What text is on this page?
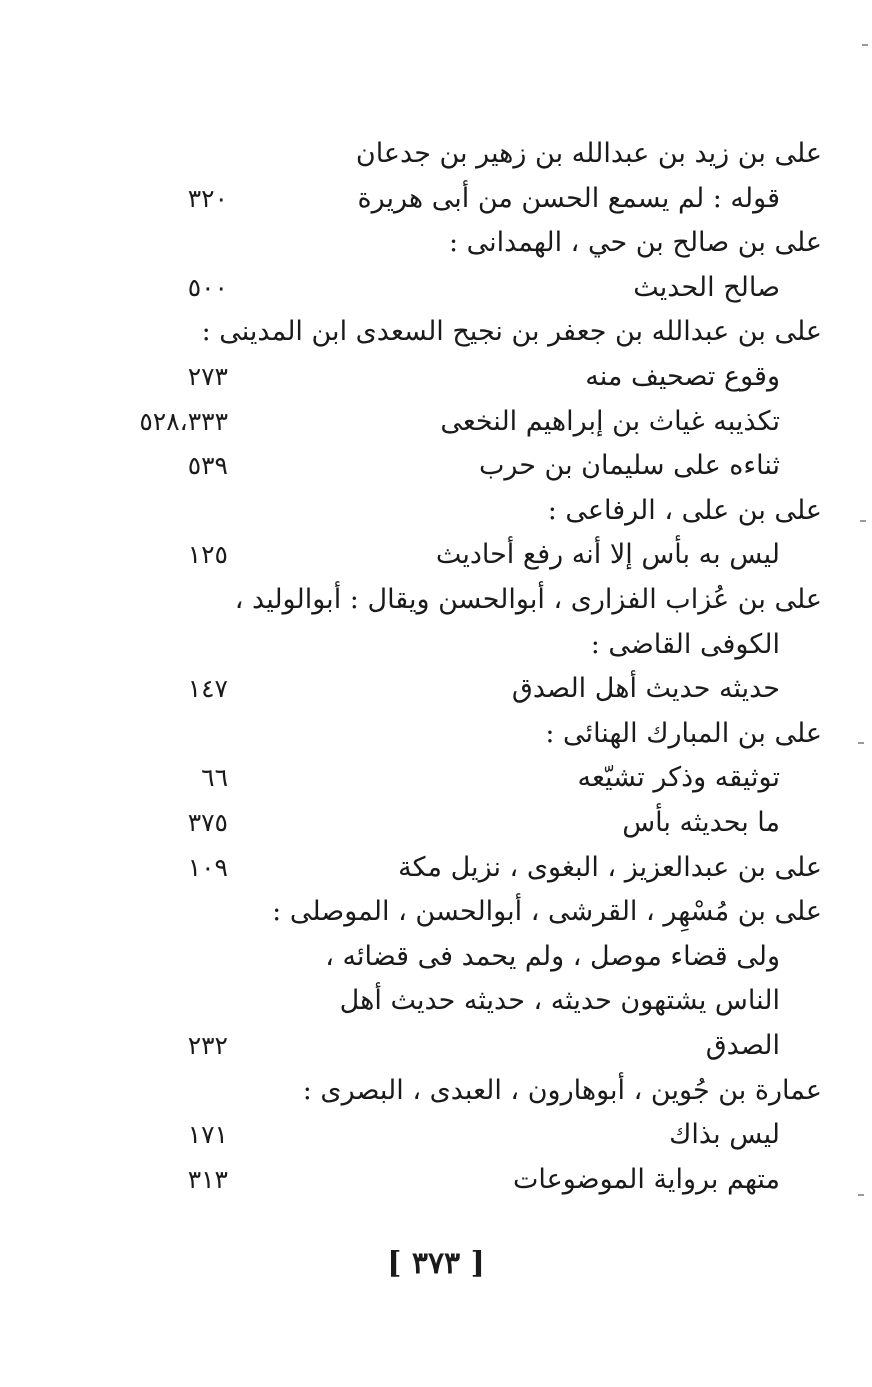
على بن زيد بن عبدالله بن زهير بن جدعان
قوله : لم يسمع الحسن من أبى هريرة
٣٢٠
على بن صالح بن حي ، الهمدانى :
صالح الحديث
٥٠٠
على بن عبدالله بن جعفر بن نجيح السعدى ابن المدينى :
وقوع تصحيف منه
٢٧٣
تكذيبه غياث بن إبراهيم النخعى
٥٢٨،٣٣٣
ثناءه على سليمان بن حرب
٥٣٩
على بن على ، الرفاعى :
ليس به بأس إلا أنه رفع أحاديث
١٢٥
على بن عُزاب الفزارى ، أبوالحسن ويقال : أبوالوليد ،
الكوفى القاضى :
حديثه حديث أهل الصدق
١٤٧
على بن المبارك الهنائى :
توثيقه وذكر تشيّعه
٦٦
ما بحديثه بأس
٣٧٥
على بن عبدالعزيز ، البغوى ، نزيل مكة
١٠٩
على بن مُسْهِر ، القرشى ، أبوالحسن ، الموصلى :
ولى قضاء موصل ، ولم يحمد فى قضائه ،
الناس يشتهون حديثه ، حديثه حديث أهل
الصدق
٢٣٢
عمارة بن جُوين ، أبوهارون ، العبدى ، البصرى :
ليس بذاك
١٧١
متهم برواية الموضوعات
٣١٣
[ ٣٧٣ ]
